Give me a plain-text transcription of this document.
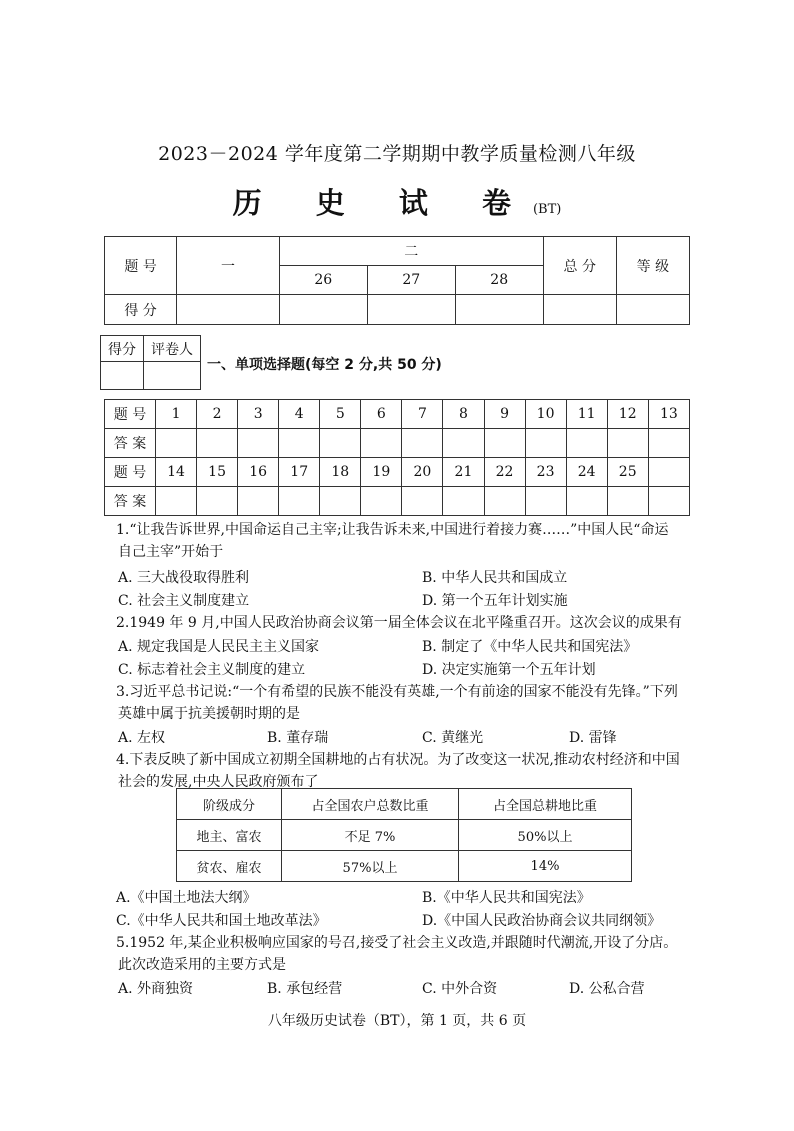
2023－2024 学年度第二学期期中教学质量检测八年级
历 史 试 卷(BT)
题 号	一	二			总 分	等 级
		26	27	28		
得 分						
得分	评卷人

一、单项选择题(每空 2 分,共 50 分)
题 号	1	2	3	4	5	6	7	8	9	10	11	12	13
答 案													
题 号	14	15	16	17	18	19	20	21	22	23	24	25	
答 案													
1.“让我告诉世界,中国命运自己主宰;让我告诉未来,中国进行着接力赛……”中国人民“命运
自己主宰”开始于
A. 三大战役取得胜利	B. 中华人民共和国成立
C. 社会主义制度建立	D. 第一个五年计划实施
2.1949 年 9 月,中国人民政治协商会议第一届全体会议在北平隆重召开。这次会议的成果有
A. 规定我国是人民民主主义国家	B. 制定了《中华人民共和国宪法》
C. 标志着社会主义制度的建立	D. 决定实施第一个五年计划
3.习近平总书记说:“一个有希望的民族不能没有英雄,一个有前途的国家不能没有先锋。”下列
英雄中属于抗美援朝时期的是
A. 左权	B. 董存瑞	C. 黄继光	D. 雷锋
4.下表反映了新中国成立初期全国耕地的占有状况。为了改变这一状况,推动农村经济和中国
社会的发展,中央人民政府颁布了
阶级成分	占全国农户总数比重	占全国总耕地比重
地主、富农	不足 7%	50%以上
贫农、雇农	57%以上	14%
A.《中国土地法大纲》	B.《中华人民共和国宪法》
C.《中华人民共和国土地改革法》	D.《中国人民政治协商会议共同纲领》
5.1952 年,某企业积极响应国家的号召,接受了社会主义改造,并跟随时代潮流,开设了分店。
此次改造采用的主要方式是
A. 外商独资	B. 承包经营	C. 中外合资	D. 公私合营
八年级历史试卷（BT），第 1 页，共 6 页
